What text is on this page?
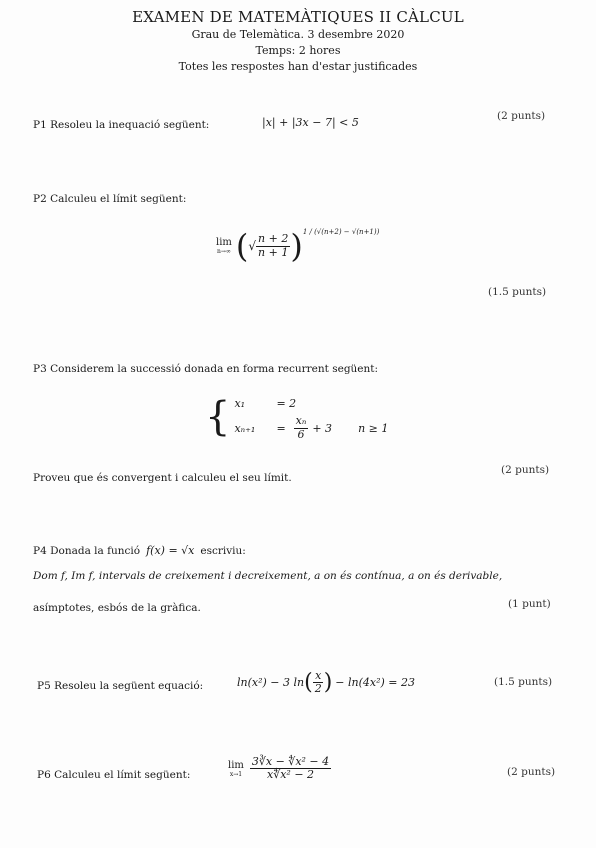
EXAMEN DE MATEMÀTIQUES II CÀLCUL
Grau de Telemàtica. 3 desembre 2020
Temps: 2 hores
Totes les respostes han d'estar justificades
P1 Resoleu la inequació següent:	|x| + |3x − 7| < 5	(2 punts)
P2 Calculeu el límit següent:
lim
n→∞ ( √ $\frac{n + 2}{n + 1}$ ) 1 / (√(n+2) − √(n+1))
(1.5 punts)
P3 Considerem la successió donada en forma recurrent següent:
{ x₁	= 2
xₙ₊₁	= $\frac{\text{xₙ}}{6} + 3$ n ≥ 1
Proveu que és convergent i calculeu el seu límit.
(2 punts)
P4 Donada la funció f(x) = √x escriviu:
Dom f, Im f, intervals de creixement i decreixement, a on és contínua, a on és derivable,
asímptotes, esbós de la gràfica.	(1 punt)
P5 Resoleu la següent equació:	ln(x²) − 3 ln ( $\frac{x}{2}$ ) − ln(4x²) = 23	(1.5 punts)
P6 Calculeu el límit següent:
lim
$x\to 1 \frac{\text{3∛x − ∜x² − 4}}{\text{x∜x² − 2}}$	(2 punts)
